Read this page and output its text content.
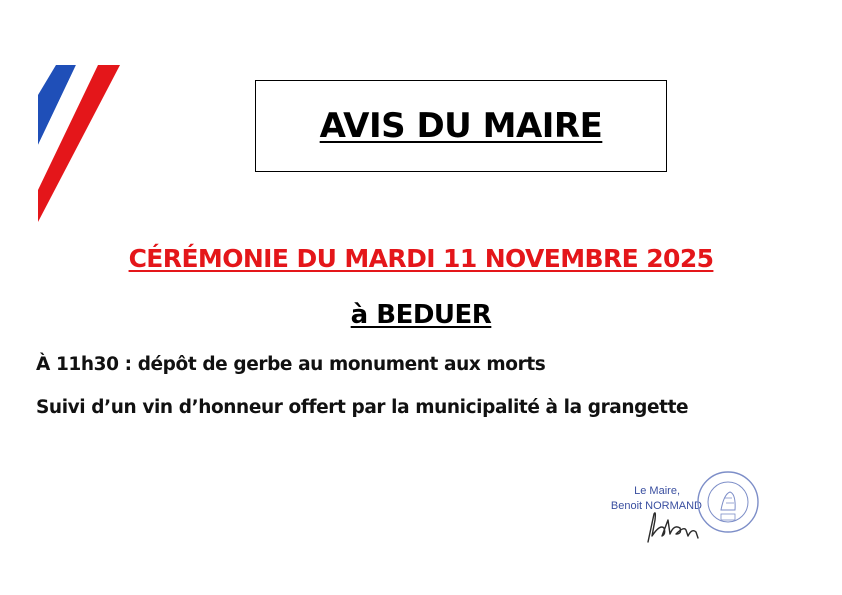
AVIS DU MAIRE
CÉRÉMONIE DU MARDI 11 NOVEMBRE 2025
à BEDUER
À 11h30 : dépôt de gerbe au monument aux morts
Suivi d’un vin d’honneur offert par la municipalité à la grangette
Le Maire,
Benoit NORMAND
